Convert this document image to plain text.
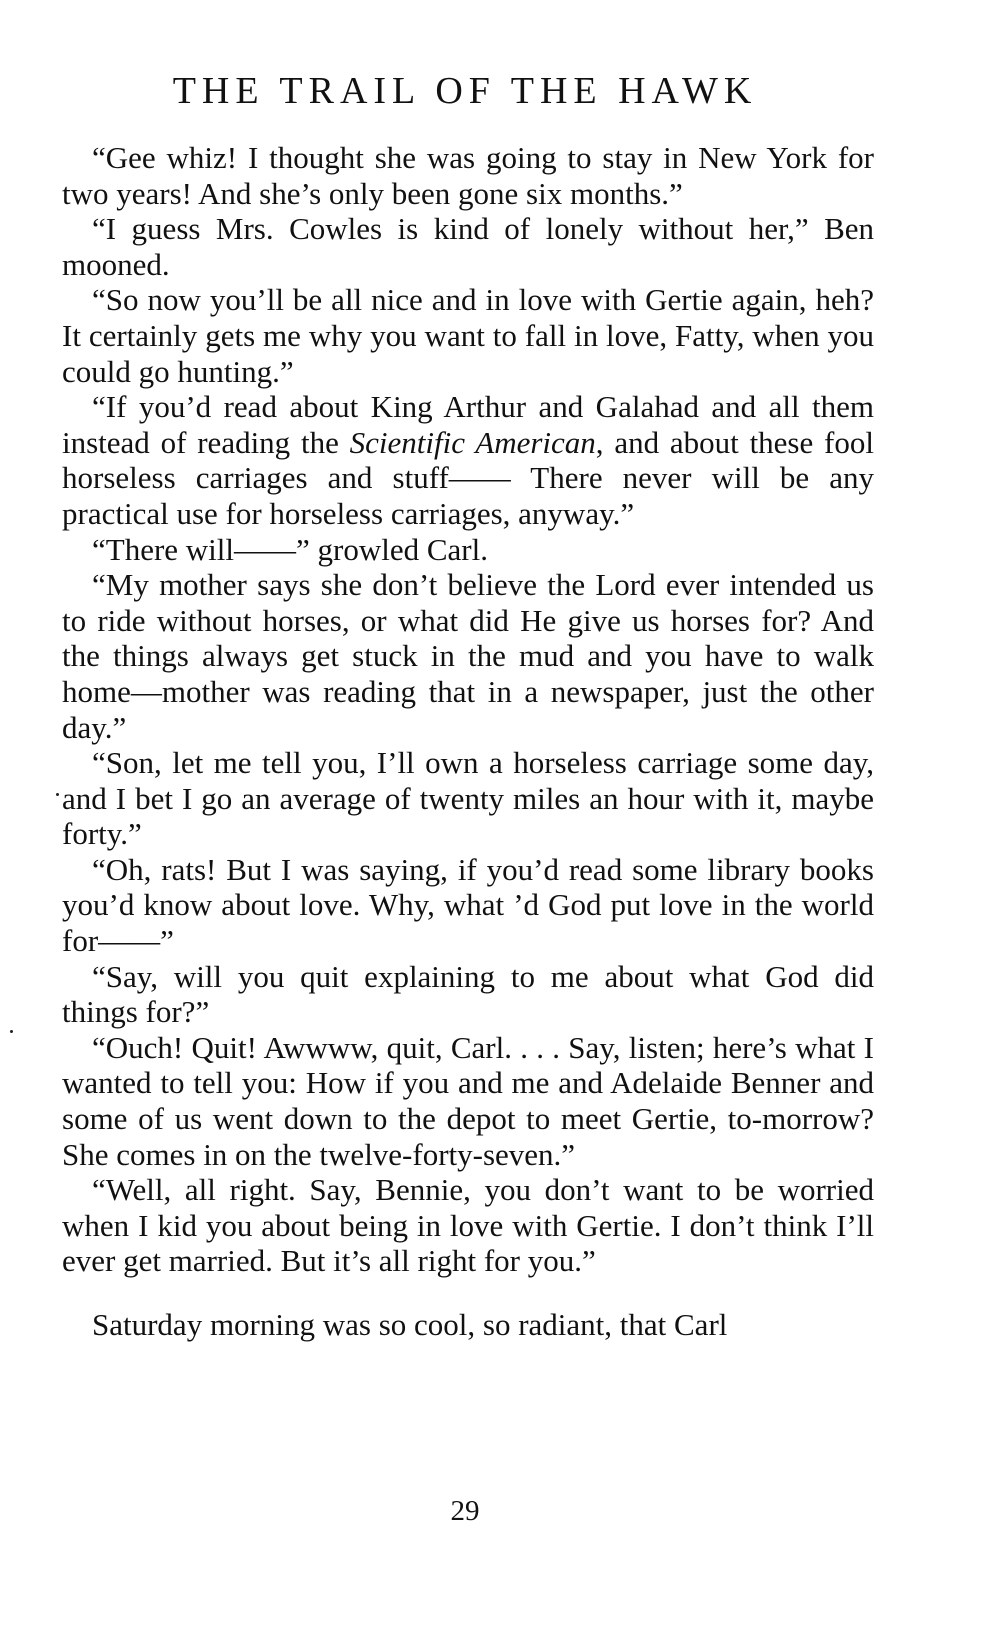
THE TRAIL OF THE HAWK

“Gee whiz! I thought she was going to stay in New York for two years! And she’s only been gone six months.”

“I guess Mrs. Cowles is kind of lonely without her,” Ben mooned.

“So now you’ll be all nice and in love with Gertie again, heh? It certainly gets me why you want to fall in love, Fatty, when you could go hunting.”

“If you’d read about King Arthur and Galahad and all them instead of reading the Scientific American, and about these fool horseless carriages and stuff—— There never will be any practical use for horseless carriages, anyway.”

“There will——” growled Carl.

“My mother says she don’t believe the Lord ever intended us to ride without horses, or what did He give us horses for? And the things always get stuck in the mud and you have to walk home—mother was reading that in a newspaper, just the other day.”

“Son, let me tell you, I’ll own a horseless carriage some day, and I bet I go an average of twenty miles an hour with it, maybe forty.”

“Oh, rats! But I was saying, if you’d read some library books you’d know about love. Why, what ’d God put love in the world for——”

“Say, will you quit explaining to me about what God did things for?”

“Ouch! Quit! Awwww, quit, Carl. . . . Say, listen; here’s what I wanted to tell you: How if you and me and Adelaide Benner and some of us went down to the depot to meet Gertie, to-morrow? She comes in on the twelve-forty-seven.”

“Well, all right. Say, Bennie, you don’t want to be worried when I kid you about being in love with Gertie. I don’t think I’ll ever get married. But it’s all right for you.”

Saturday morning was so cool, so radiant, that Carl

29
